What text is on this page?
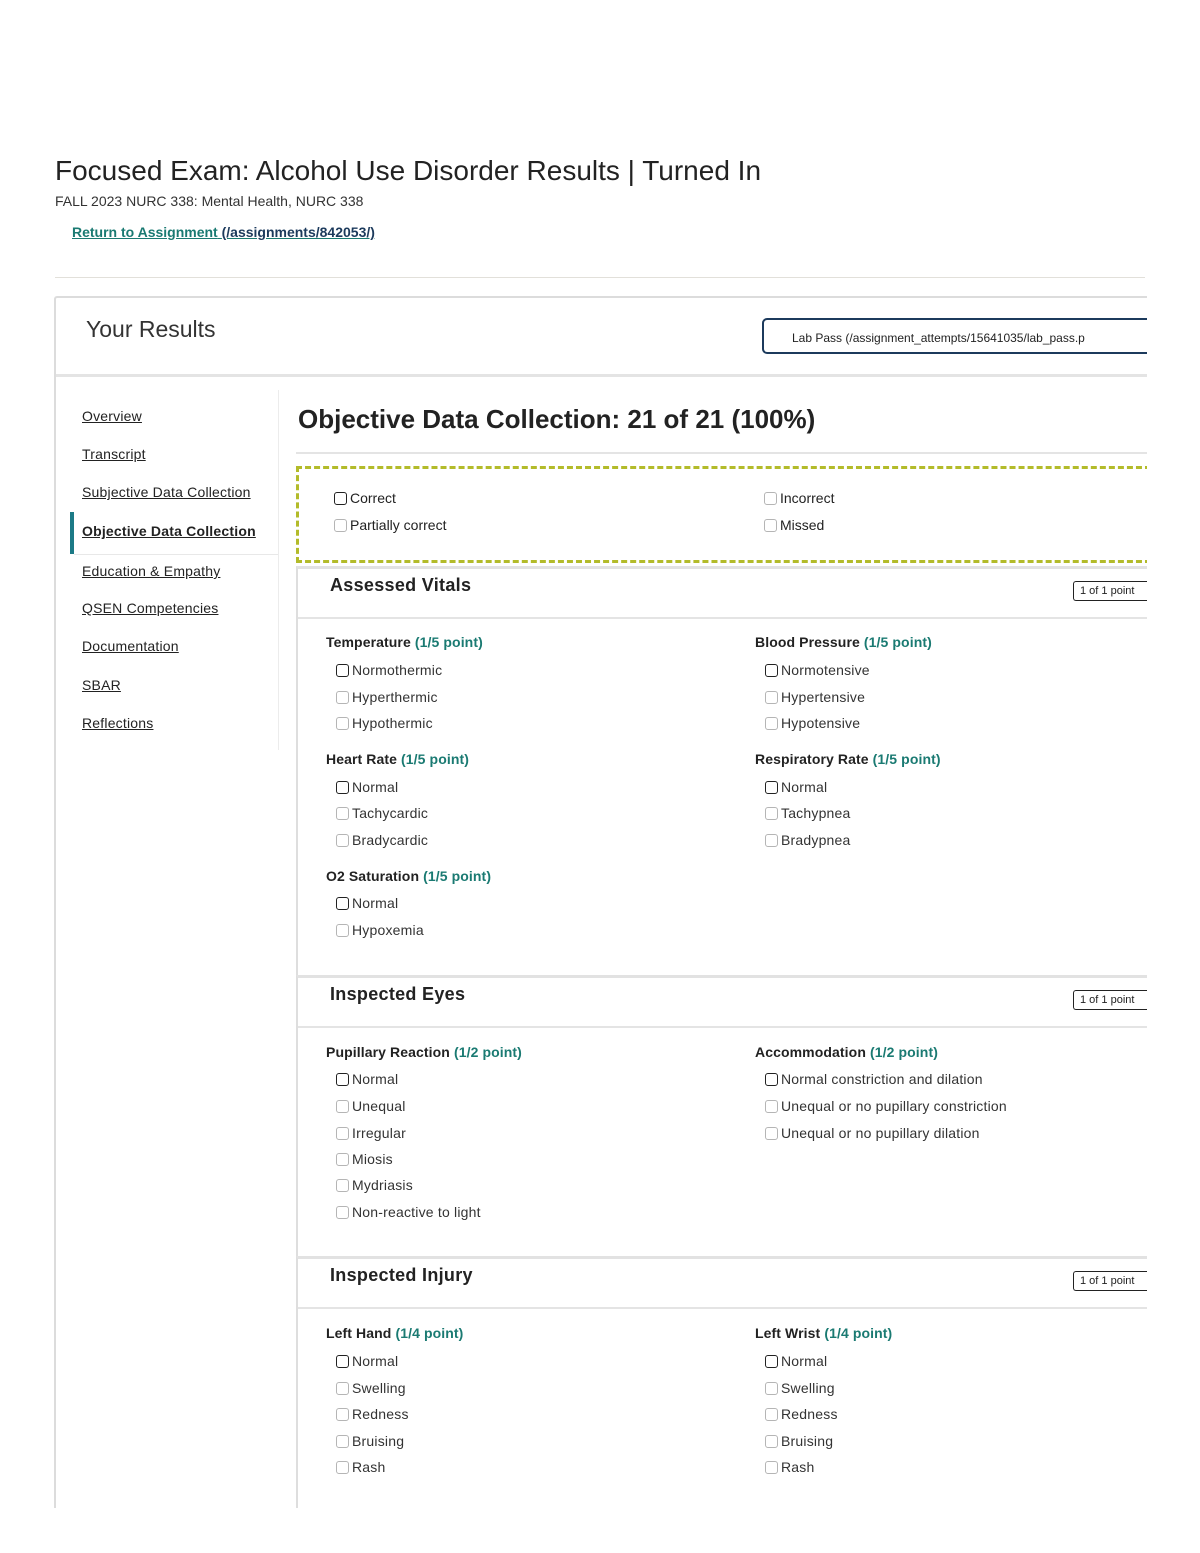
Focused Exam: Alcohol Use Disorder Results | Turned In
FALL 2023 NURC 338: Mental Health, NURC 338
Return to Assignment (/assignments/842053/)
Your Results	Lab Pass (/assignment_attempts/15641035/lab_pass.p
Overview
Transcript
Subjective Data Collection
Objective Data Collection
Education & Empathy
QSEN Competencies
Documentation
SBAR
Reflections
Objective Data Collection: 21 of 21 (100%)
Correct	Incorrect
Partially correct	Missed
Assessed Vitals	1 of 1 point
Temperature (1/5 point)
Normothermic
Hyperthermic
Hypothermic
Blood Pressure (1/5 point)
Normotensive
Hypertensive
Hypotensive
Heart Rate (1/5 point)
Normal
Tachycardic
Bradycardic
Respiratory Rate (1/5 point)
Normal
Tachypnea
Bradypnea
O2 Saturation (1/5 point)
Normal
Hypoxemia
Inspected Eyes	1 of 1 point
Pupillary Reaction (1/2 point)
Normal
Unequal
Irregular
Miosis
Mydriasis
Non-reactive to light
Accommodation (1/2 point)
Normal constriction and dilation
Unequal or no pupillary constriction
Unequal or no pupillary dilation
Inspected Injury	1 of 1 point
Left Hand (1/4 point)
Normal
Swelling
Redness
Bruising
Rash
Left Wrist (1/4 point)
Normal
Swelling
Redness
Bruising
Rash
